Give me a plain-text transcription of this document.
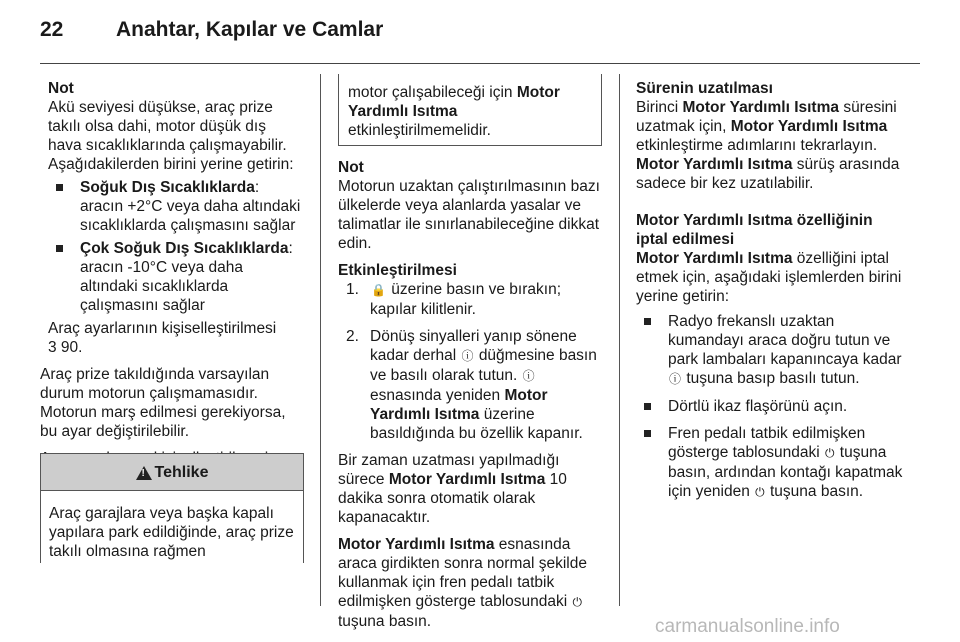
22	Anahtar, Kapılar ve Camlar
Not

Akü seviyesi düşükse, araç prize takılı olsa dahi, motor düşük dış hava sıcaklıklarında çalışmayabilir. Aşağıdakilerden birini yerine getirin:

Soğuk Dış Sıcaklıklarda: aracın +2°C veya daha altındaki sıcaklıklarda çalışmasını sağlar
Çok Soğuk Dış Sıcaklıklarda: aracın -10°C veya daha altındaki sıcaklıklarda çalışmasını sağlar
Araç ayarlarının kişiselleştirilmesi

3 90.

Araç prize takıldığında varsayılan durum motorun çalışmamasıdır. Motorun marş edilmesi gerekiyorsa, bu ayar değiştirilebilir.

!
Tehlike
Araç garajlara veya başka kapalı yapılara park edildiğinde, araç prize takılı olmasına rağmen
motor çalışabileceği için Motor Yardımlı Isıtma etkinleştirilmemelidir.
Not

Motorun uzaktan çalıştırılmasının bazı ülkelerde veya alanlarda yasalar ve talimatlar ile sınırlanabileceğine dikkat edin.

Etkinleştirilmesi
1. 🔒 üzerine basın ve bırakın; kapılar kilitlenir.
2. Dönüş sinyalleri yanıp sönene kadar derhal ⓘ düğmesine basın ve basılı olarak tutun. ⓘ esnasında yeniden Motor Yardımlı Isıtma üzerine basıldığında bu özellik kapanır.

Bir zaman uzatması yapılmadığı sürece Motor Yardımlı Isıtma 10 dakika sonra otomatik olarak kapanacaktır.

Motor Yardımlı Isıtma esnasında araca girdikten sonra normal şekilde kullanmak için fren pedalı tatbik edilmişken gösterge tablosundaki ⏻ tuşuna basın.

Sürenin uzatılması

Birinci Motor Yardımlı Isıtma süresini uzatmak için, Motor Yardımlı Isıtma etkinleştirme adımlarını tekrarlayın. Motor Yardımlı Isıtma sürüş arasında sadece bir kez uzatılabilir.

Motor Yardımlı Isıtma özelliğinin iptal edilmesi

Motor Yardımlı Isıtma özelliğini iptal etmek için, aşağıdaki işlemlerden birini yerine getirin:

Radyo frekanslı uzaktan kumandayı araca doğru tutun ve park lambaları kapanıncaya kadar ⓘ tuşuna basıp basılı tutun.
Dörtlü ikaz flaşörünü açın.
Fren pedalı tatbik edilmişken gösterge tablosundaki ⏻ tuşuna basın, ardından kontağı kapatmak için yeniden ⏻ tuşuna basın.
carmanualsonline.info
